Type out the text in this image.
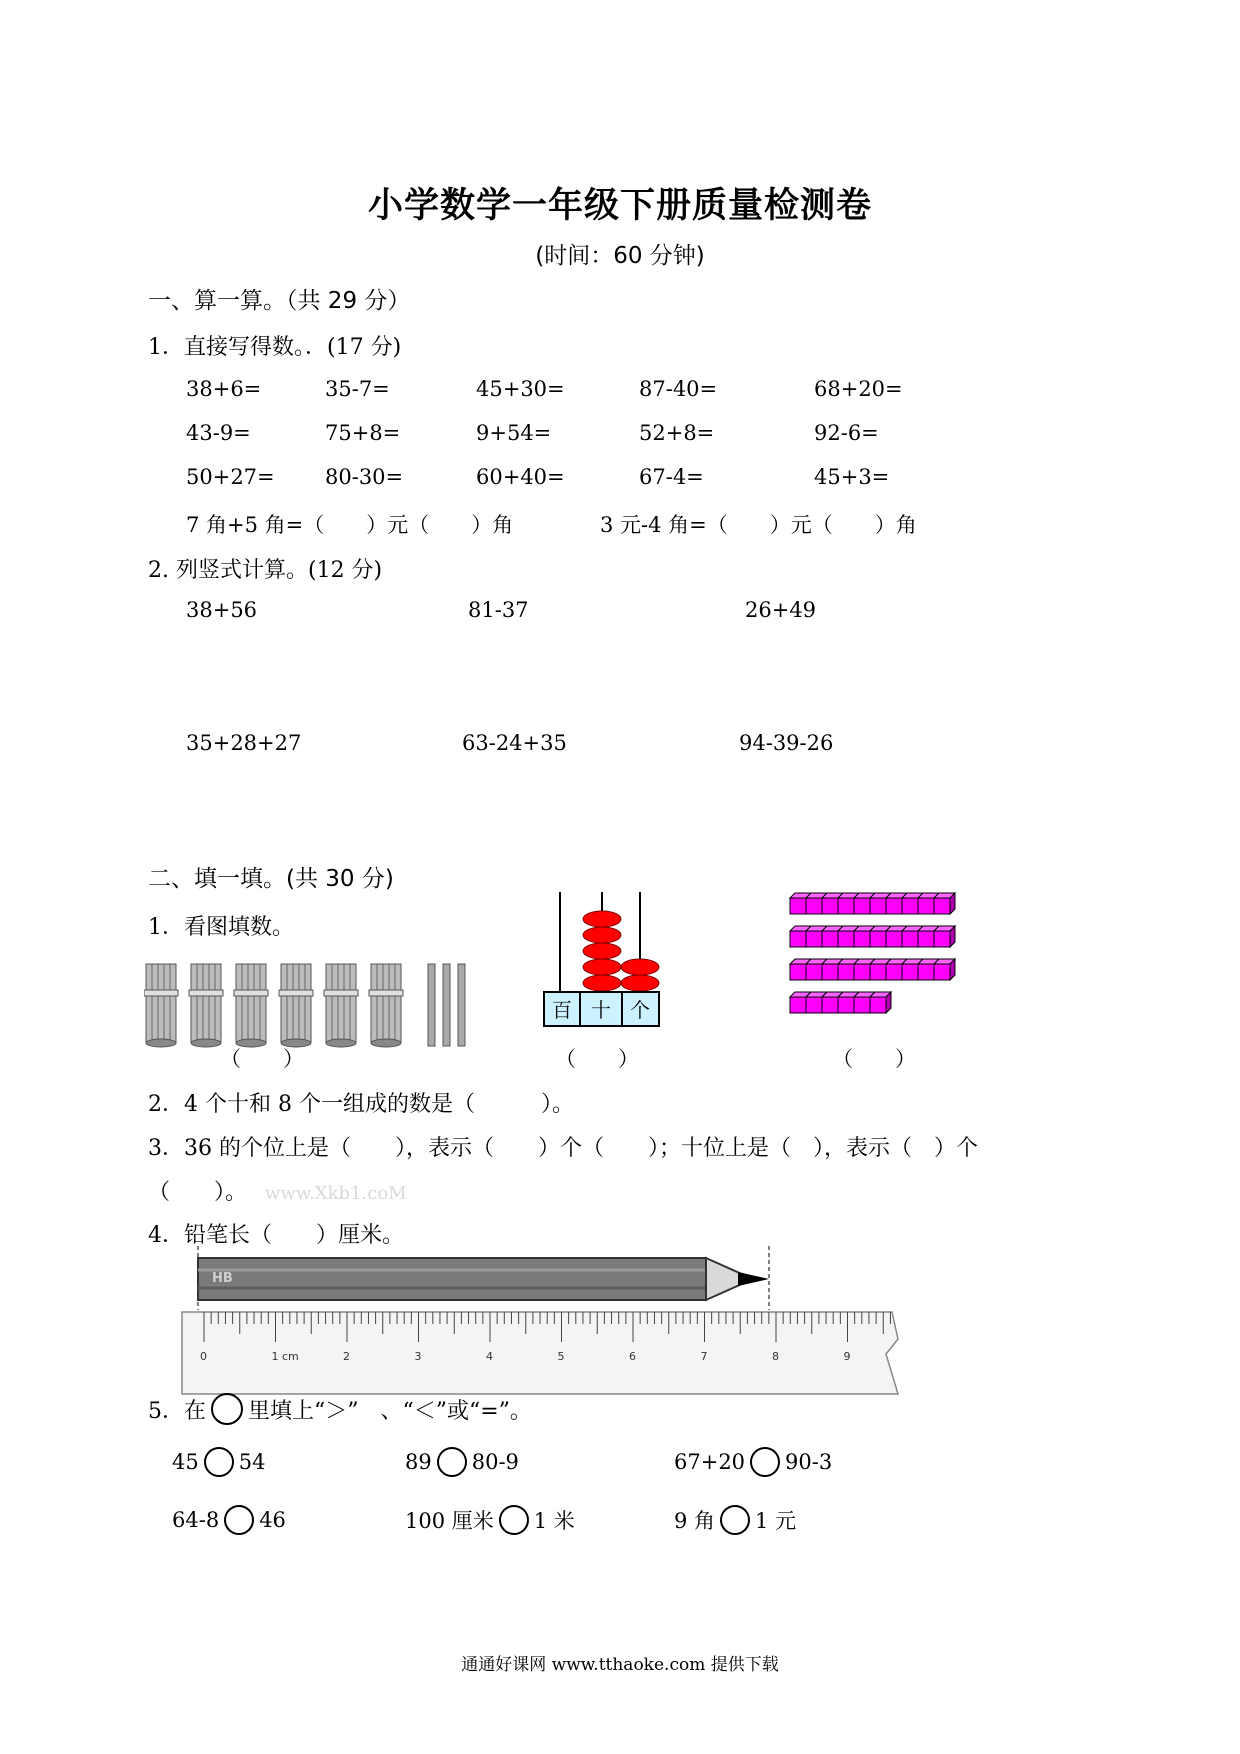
小学数学一年级下册质量检测卷
(时间：60 分钟)
一、算一算。（共 29 分）
1．直接写得数。．(17 分)
38+6=	35-7=	45+30=	87-40=	68+20=
43-9=	75+8=	9+54=	52+8=	92-6=
50+27= 80-30=	60+40=	67-4=	45+3=
7 角+5 角=（　　）元（　　）角	3 元-4 角=（　　）元（　　）角
2. 列竖式计算。(12 分)
38+56	81-37	26+49
35+28+27	63-24+35	94-39-26
二、填一填。(共 30 分)
1．看图填数。
（　　）
百 十 个
（　　）	（　　）
2．4 个十和 8 个一组成的数是（　　　）。
3．36 的个位上是（　　），表示（　　）个（　　）；十位上是（　），表示（　）个
（　　）。 www.Xkb1.coM
4．铅笔长（　　）厘米。
HB
0	1 cm	2	3	4	5	6	7	8	9
5．在 里填上“＞”　、“＜”或“=”。
45 54	89 80-9	67+20 90-3
64-8 46	100 厘米 1 米	9 角 1 元
通通好课网 www.tthaoke.com 提供下载
